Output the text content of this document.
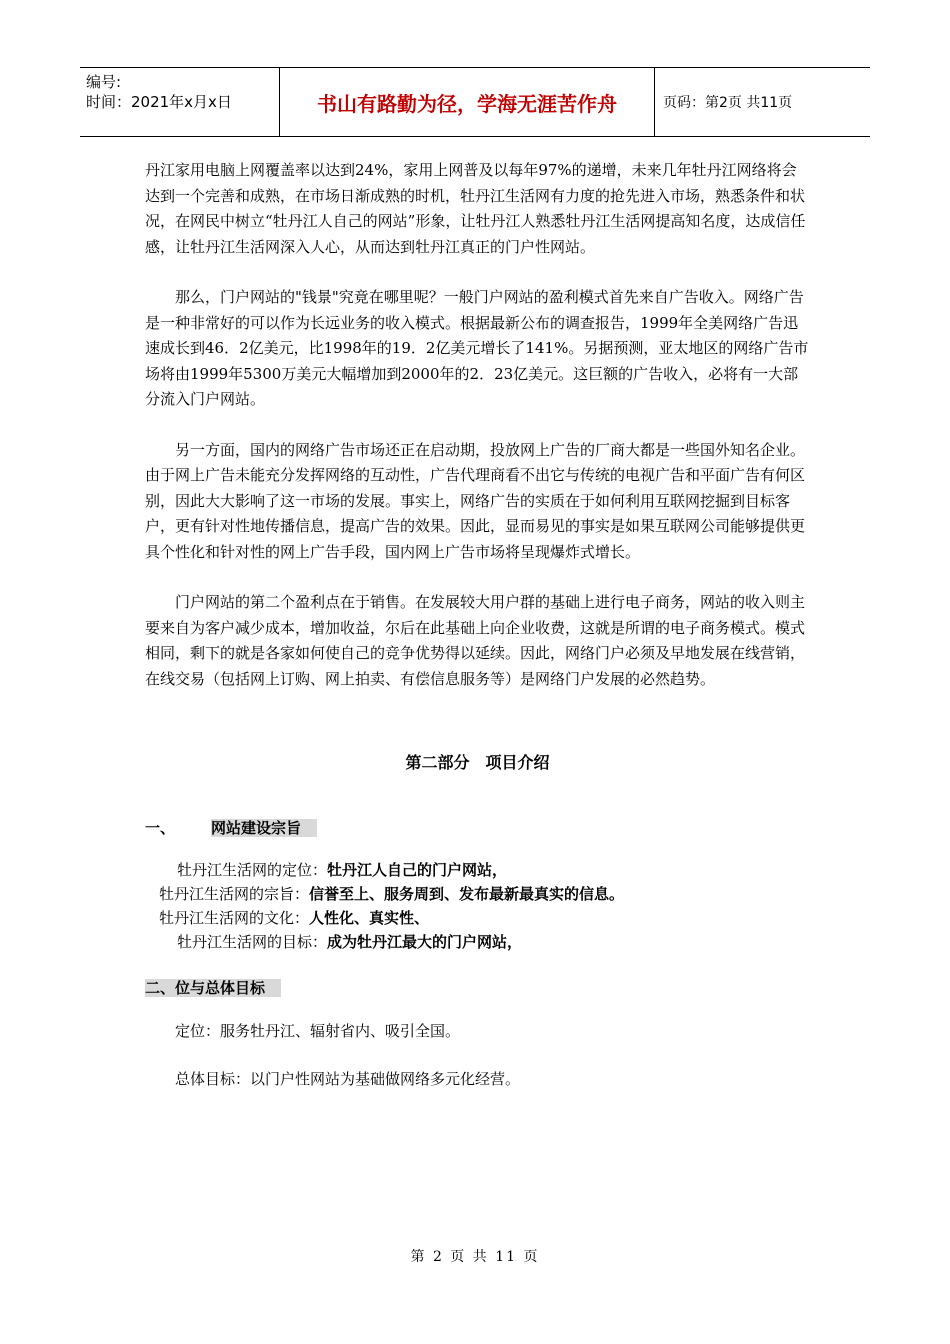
编号:
时间：2021年x月x日	书山有路勤为径，学海无涯苦作舟	页码：第2页 共11页

丹江家用电脑上网覆盖率以达到24%，家用上网普及以每年97%的递增，未来几年牡丹江网络将会达到一个完善和成熟，在市场日渐成熟的时机，牡丹江生活网有力度的抢先进入市场，熟悉条件和状况，在网民中树立“牡丹江人自己的网站”形象，让牡丹江人熟悉牡丹江生活网提高知名度，达成信任感，让牡丹江生活网深入人心，从而达到牡丹江真正的门户性网站。

那么，门户网站的"钱景"究竟在哪里呢？一般门户网站的盈利模式首先来自广告收入。网络广告是一种非常好的可以作为长远业务的收入模式。根据最新公布的调查报告，1999年全美网络广告迅速成长到46．2亿美元，比1998年的19．2亿美元增长了141%。另据预测，亚太地区的网络广告市场将由1999年5300万美元大幅增加到2000年的2．23亿美元。这巨额的广告收入，必将有一大部分流入门户网站。

另一方面，国内的网络广告市场还正在启动期，投放网上广告的厂商大都是一些国外知名企业。由于网上广告未能充分发挥网络的互动性，广告代理商看不出它与传统的电视广告和平面广告有何区别，因此大大影响了这一市场的发展。事实上，网络广告的实质在于如何利用互联网挖掘到目标客户，更有针对性地传播信息，提高广告的效果。因此，显而易见的事实是如果互联网公司能够提供更具个性化和针对性的网上广告手段，国内网上广告市场将呈现爆炸式增长。

门户网站的第二个盈利点在于销售。在发展较大用户群的基础上进行电子商务，网站的收入则主要来自为客户减少成本，增加收益，尔后在此基础上向企业收费，这就是所谓的电子商务模式。模式相同，剩下的就是各家如何使自己的竞争优势得以延续。因此，网络门户必须及早地发展在线营销，在线交易（包括网上订购、网上拍卖、有偿信息服务等）是网络门户发展的必然趋势。

第二部分　项目介绍
一、 网站建设宗旨

牡丹江生活网的定位：牡丹江人自己的门户网站，

牡丹江生活网的宗旨：信誉至上、服务周到、发布最新最真实的信息。

牡丹江生活网的文化：人性化、真实性、

牡丹江生活网的目标：成为牡丹江最大的门户网站，

二、位与总体目标

定位：服务牡丹江、辐射省内、吸引全国。

总体目标：以门户性网站为基础做网络多元化经营。

第 2 页 共 11 页
